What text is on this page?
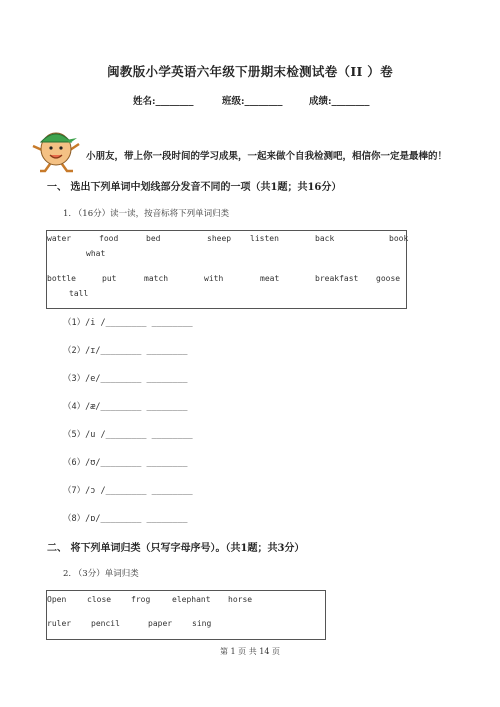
闽教版小学英语六年级下册期末检测试卷（II ）卷
姓名:________	班级:________	成绩:________
小朋友，带上你一段时间的学习成果，一起来做个自我检测吧，相信你一定是最棒的！
一、 选出下列单词中划线部分发音不同的一项（共1题；共16分）
1. （16分）读一读，按音标将下列单词归类
water	food	bed	sheep listen	back	book
what
bottle	put	match	with	meat	breakfast goose
tall
（1）/i /________ ________
（2）/ɪ/________ ________
（3）/e/________ ________
（4）/æ/________ ________
（5）/u /________ ________
（6）/ʊ/________ ________
（7）/ɔ /________ ________
（8）/ɒ/________ ________
二、 将下列单词归类（只写字母序号）。（共1题；共3分）
2. （3分）单词归类
Open	close frog	elephant horse
ruler pencil	paper sing
第 1 页 共 14 页
